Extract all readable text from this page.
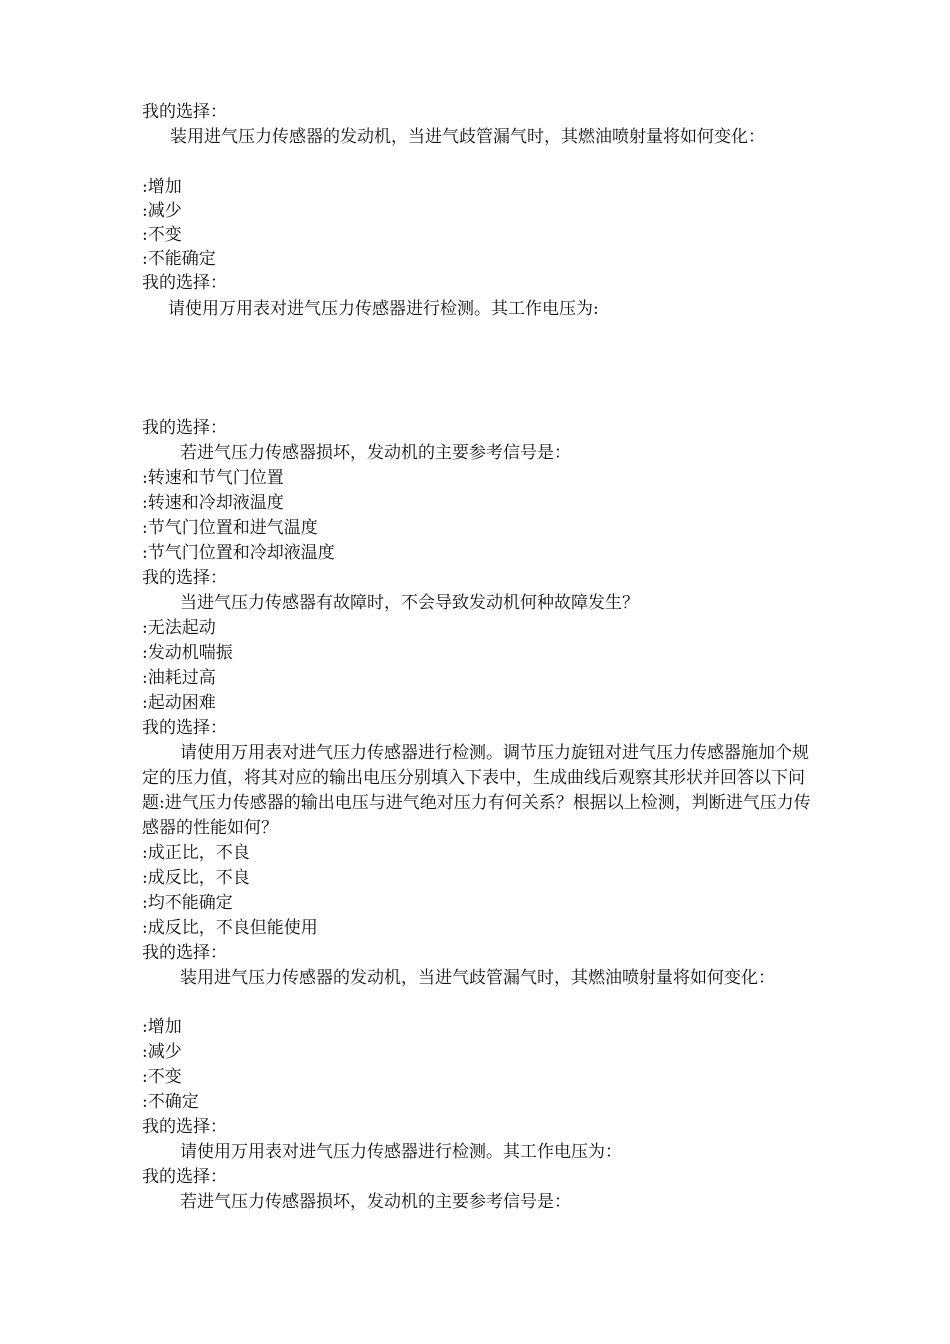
我的选择：
装用进气压力传感器的发动机，当进气歧管漏气时，其燃油喷射量将如何变化：
:增加
:减少
:不变
:不能确定
我的选择：
请使用万用表对进气压力传感器进行检测。其工作电压为:
我的选择：
若进气压力传感器损坏，发动机的主要参考信号是：
:转速和节气门位置
:转速和冷却液温度
:节气门位置和进气温度
:节气门位置和冷却液温度
我的选择：
当进气压力传感器有故障时，不会导致发动机何种故障发生？
:无法起动
:发动机喘振
:油耗过高
:起动困难
我的选择：
请使用万用表对进气压力传感器进行检测。调节压力旋钮对进气压力传感器施加个规定的压力值，将其对应的输出电压分别填入下表中，生成曲线后观察其形状并回答以下问题:进气压力传感器的输出电压与进气绝对压力有何关系？根据以上检测，判断进气压力传感器的性能如何？
:成正比，不良
:成反比，不良
:均不能确定
:成反比，不良但能使用
我的选择：
装用进气压力传感器的发动机，当进气歧管漏气时，其燃油喷射量将如何变化：
:增加
:减少
:不变
:不确定
我的选择：
请使用万用表对进气压力传感器进行检测。其工作电压为：
我的选择：
若进气压力传感器损坏，发动机的主要参考信号是：
